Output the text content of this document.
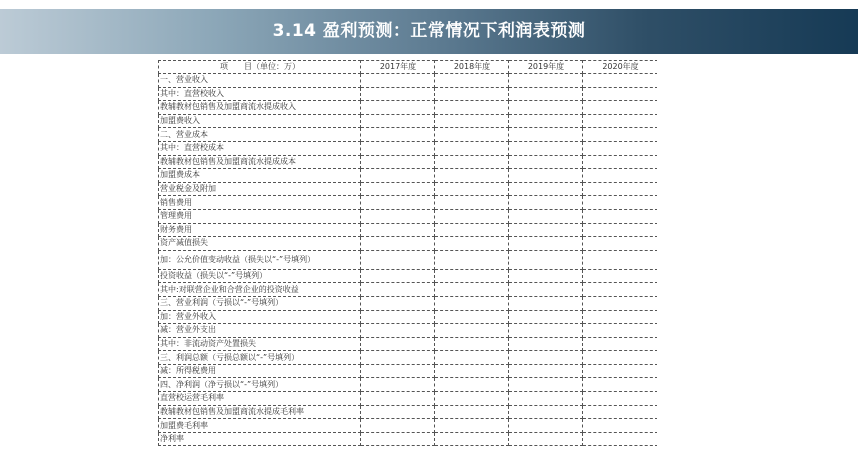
3.14 盈利预测：正常情况下利润表预测
项　　目（单位：万）	2017年度	2018年度	2019年度	2020年度
一、营业收入				
其中：直营校收入				
教辅教材包销售及加盟商流水提成收入				
加盟费收入				
二、营业成本				
其中：直营校成本				
教辅教材包销售及加盟商流水提成成本				
加盟费成本				
营业税金及附加				
销售费用				
管理费用				
财务费用				
资产减值损失				
加：公允价值变动收益（损失以“-”号填列）				
投资收益（损失以“-”号填列）				
其中:对联营企业和合营企业的投资收益				
三、营业利润（亏损以“-”号填列）				
加：营业外收入				
减：营业外支出				
其中：非流动资产处置损失				
三、利润总额（亏损总额以“-”号填列）				
减：所得税费用				
四、净利润（净亏损以“-”号填列）				
直营校运营毛利率				
教辅教材包销售及加盟商流水提成毛利率				
加盟费毛利率				
净利率				
